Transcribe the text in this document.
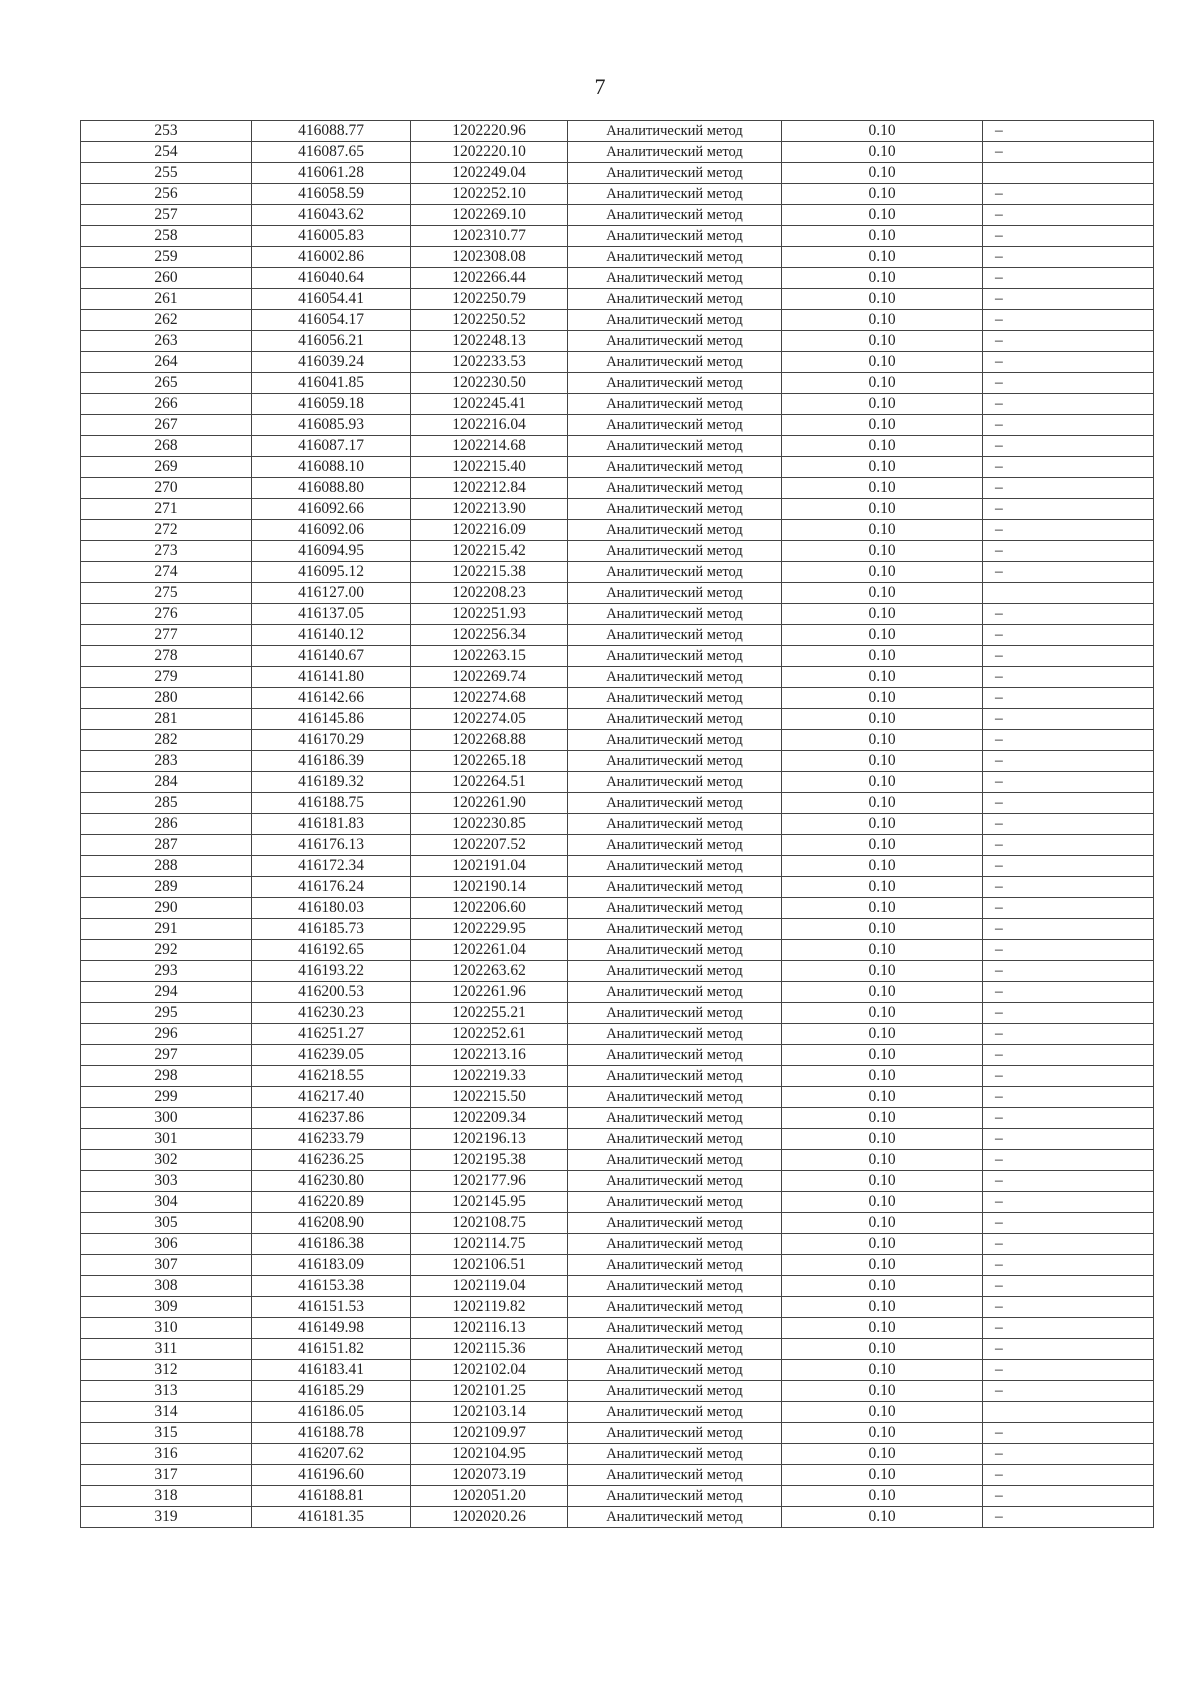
7
253	416088.77	1202220.96	Аналитический метод	0.10	–
254	416087.65	1202220.10	Аналитический метод	0.10	–
255	416061.28	1202249.04	Аналитический метод	0.10	
256	416058.59	1202252.10	Аналитический метод	0.10	–
257	416043.62	1202269.10	Аналитический метод	0.10	–
258	416005.83	1202310.77	Аналитический метод	0.10	–
259	416002.86	1202308.08	Аналитический метод	0.10	–
260	416040.64	1202266.44	Аналитический метод	0.10	–
261	416054.41	1202250.79	Аналитический метод	0.10	–
262	416054.17	1202250.52	Аналитический метод	0.10	–
263	416056.21	1202248.13	Аналитический метод	0.10	–
264	416039.24	1202233.53	Аналитический метод	0.10	–
265	416041.85	1202230.50	Аналитический метод	0.10	–
266	416059.18	1202245.41	Аналитический метод	0.10	–
267	416085.93	1202216.04	Аналитический метод	0.10	–
268	416087.17	1202214.68	Аналитический метод	0.10	–
269	416088.10	1202215.40	Аналитический метод	0.10	–
270	416088.80	1202212.84	Аналитический метод	0.10	–
271	416092.66	1202213.90	Аналитический метод	0.10	–
272	416092.06	1202216.09	Аналитический метод	0.10	–
273	416094.95	1202215.42	Аналитический метод	0.10	–
274	416095.12	1202215.38	Аналитический метод	0.10	–
275	416127.00	1202208.23	Аналитический метод	0.10	
276	416137.05	1202251.93	Аналитический метод	0.10	–
277	416140.12	1202256.34	Аналитический метод	0.10	–
278	416140.67	1202263.15	Аналитический метод	0.10	–
279	416141.80	1202269.74	Аналитический метод	0.10	–
280	416142.66	1202274.68	Аналитический метод	0.10	–
281	416145.86	1202274.05	Аналитический метод	0.10	–
282	416170.29	1202268.88	Аналитический метод	0.10	–
283	416186.39	1202265.18	Аналитический метод	0.10	–
284	416189.32	1202264.51	Аналитический метод	0.10	–
285	416188.75	1202261.90	Аналитический метод	0.10	–
286	416181.83	1202230.85	Аналитический метод	0.10	–
287	416176.13	1202207.52	Аналитический метод	0.10	–
288	416172.34	1202191.04	Аналитический метод	0.10	–
289	416176.24	1202190.14	Аналитический метод	0.10	–
290	416180.03	1202206.60	Аналитический метод	0.10	–
291	416185.73	1202229.95	Аналитический метод	0.10	–
292	416192.65	1202261.04	Аналитический метод	0.10	–
293	416193.22	1202263.62	Аналитический метод	0.10	–
294	416200.53	1202261.96	Аналитический метод	0.10	–
295	416230.23	1202255.21	Аналитический метод	0.10	–
296	416251.27	1202252.61	Аналитический метод	0.10	–
297	416239.05	1202213.16	Аналитический метод	0.10	–
298	416218.55	1202219.33	Аналитический метод	0.10	–
299	416217.40	1202215.50	Аналитический метод	0.10	–
300	416237.86	1202209.34	Аналитический метод	0.10	–
301	416233.79	1202196.13	Аналитический метод	0.10	–
302	416236.25	1202195.38	Аналитический метод	0.10	–
303	416230.80	1202177.96	Аналитический метод	0.10	–
304	416220.89	1202145.95	Аналитический метод	0.10	–
305	416208.90	1202108.75	Аналитический метод	0.10	–
306	416186.38	1202114.75	Аналитический метод	0.10	–
307	416183.09	1202106.51	Аналитический метод	0.10	–
308	416153.38	1202119.04	Аналитический метод	0.10	–
309	416151.53	1202119.82	Аналитический метод	0.10	–
310	416149.98	1202116.13	Аналитический метод	0.10	–
311	416151.82	1202115.36	Аналитический метод	0.10	–
312	416183.41	1202102.04	Аналитический метод	0.10	–
313	416185.29	1202101.25	Аналитический метод	0.10	–
314	416186.05	1202103.14	Аналитический метод	0.10	
315	416188.78	1202109.97	Аналитический метод	0.10	–
316	416207.62	1202104.95	Аналитический метод	0.10	–
317	416196.60	1202073.19	Аналитический метод	0.10	–
318	416188.81	1202051.20	Аналитический метод	0.10	–
319	416181.35	1202020.26	Аналитический метод	0.10	–
